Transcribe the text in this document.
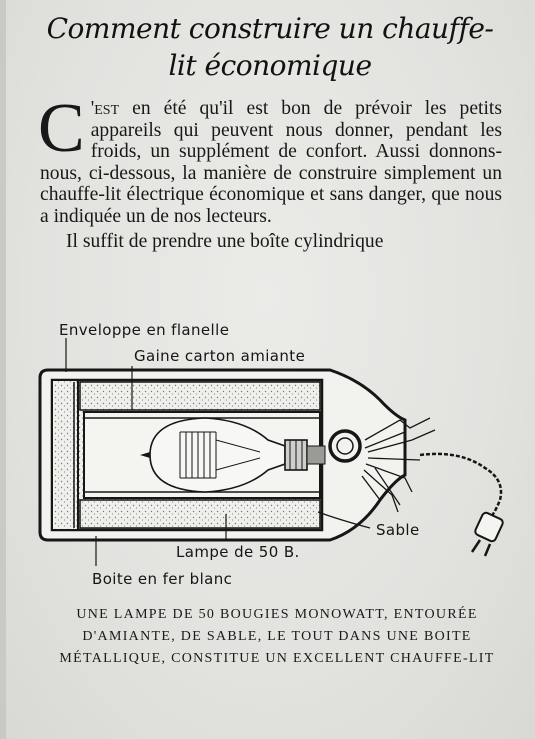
Comment construire un chauffe-
lit économique

C 'est en été qu'il est bon de prévoir les petits appareils qui peuvent nous donner, pendant les froids, un supplément de confort. Aussi donnons-nous, ci-dessous, la manière de construire simplement un chauffe-lit électrique économique et sans danger, que nous a indiquée un de nos lecteurs.

Il suffit de prendre une boîte cylindrique

Enveloppe en flanelle
Gaine carton amiante
Sable
Lampe de 50 B.
Boite en fer blanc
UNE LAMPE DE 50 BOUGIES MONOWATT, ENTOURÉE D'AMIANTE, DE SABLE, LE TOUT DANS UNE BOITE MÉTALLIQUE, CONSTITUE UN EXCELLENT CHAUFFE-LIT
